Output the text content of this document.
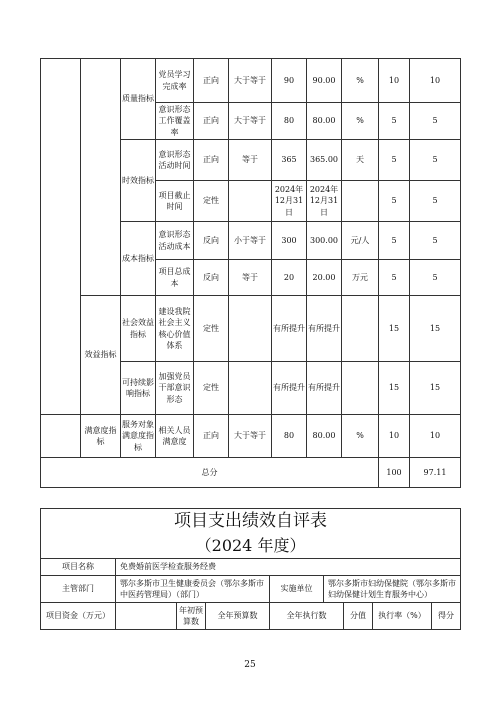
		质量指标	党员学习完成率	正向	大于等于	90	90.00	%	10	10
			意识形态工作覆盖率	正向	大于等于	80	80.00	%	5	5
		时效指标	意识形态活动时间	正向	等于	365	365.00	天	5	5
			项目截止时间	定性		2024年12月31日	2024年12月31日		5	5
		成本指标	意识形态活动成本	反向	小于等于	300	300.00	元/人	5	5
			项目总成本	反向	等于	20	20.00	万元	5	5
	效益指标	社会效益指标	建设我院社会主义核心价值体系	定性		有所提升	有所提升		15	15
		可持续影响指标	加强党员干部意识形态	定性		有所提升	有所提升		15	15
	满意度指标	服务对象满意度指标	相关人员满意度	正向	大于等于	80	80.00	%	10	10
总分									100	97.11
项目支出绩效自评表								
（2024 年度）								
项目名称	免费婚前医学检查服务经费							
主管部门	鄂尔多斯市卫生健康委员会（鄂尔多斯市中医药管理局）（部门）			实施单位	鄂尔多斯市妇幼保健院（鄂尔多斯市妇幼保健计划生育服务中心）			
项目资金（万元）		年初预算数	全年预算数	全年执行数		分值	执行率（%）	得分
25
